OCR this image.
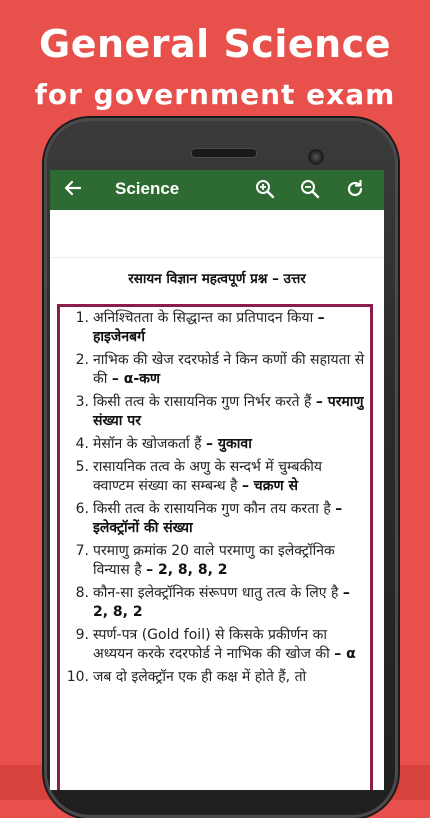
General Science
for government exam
Science
रसायन विज्ञान महत्वपूर्ण प्रश्न – उत्तर
1. अनिश्चितता के सिद्धान्त का प्रतिपादन किया – हाइजेनबर्ग
2. नाभिक की खेज रदरफोर्ड ने किन कणों की सहायता से की – α-कण
3. किसी तत्व के रासायनिक गुण निर्भर करते हैं – परमाणु संख्या पर
4. मेसॉन के खोजकर्ता हैं – युकावा
5. रासायनिक तत्व के अणु के सन्दर्भ में चुम्बकीय क्वाण्टम संख्या का सम्बन्ध है – चक्रण से
6. किसी तत्व के रासायनिक गुण कौन तय करता है – इलेक्ट्रॉनों की संख्या
7. परमाणु क्रमांक 20 वाले परमाणु का इलेक्ट्रॉनिक विन्यास है – 2, 8, 8, 2
8. कौन-सा इलेक्ट्रॉनिक संरूपण धातु तत्व के लिए है – 2, 8, 2
9. स्पर्ण-पत्र (Gold foil) से किसके प्रकीर्णन का अध्ययन करके रदरफोर्ड ने नाभिक की खोज की – α
10. जब दो इलेक्ट्रॉन एक ही कक्ष में होते हैं, तो
